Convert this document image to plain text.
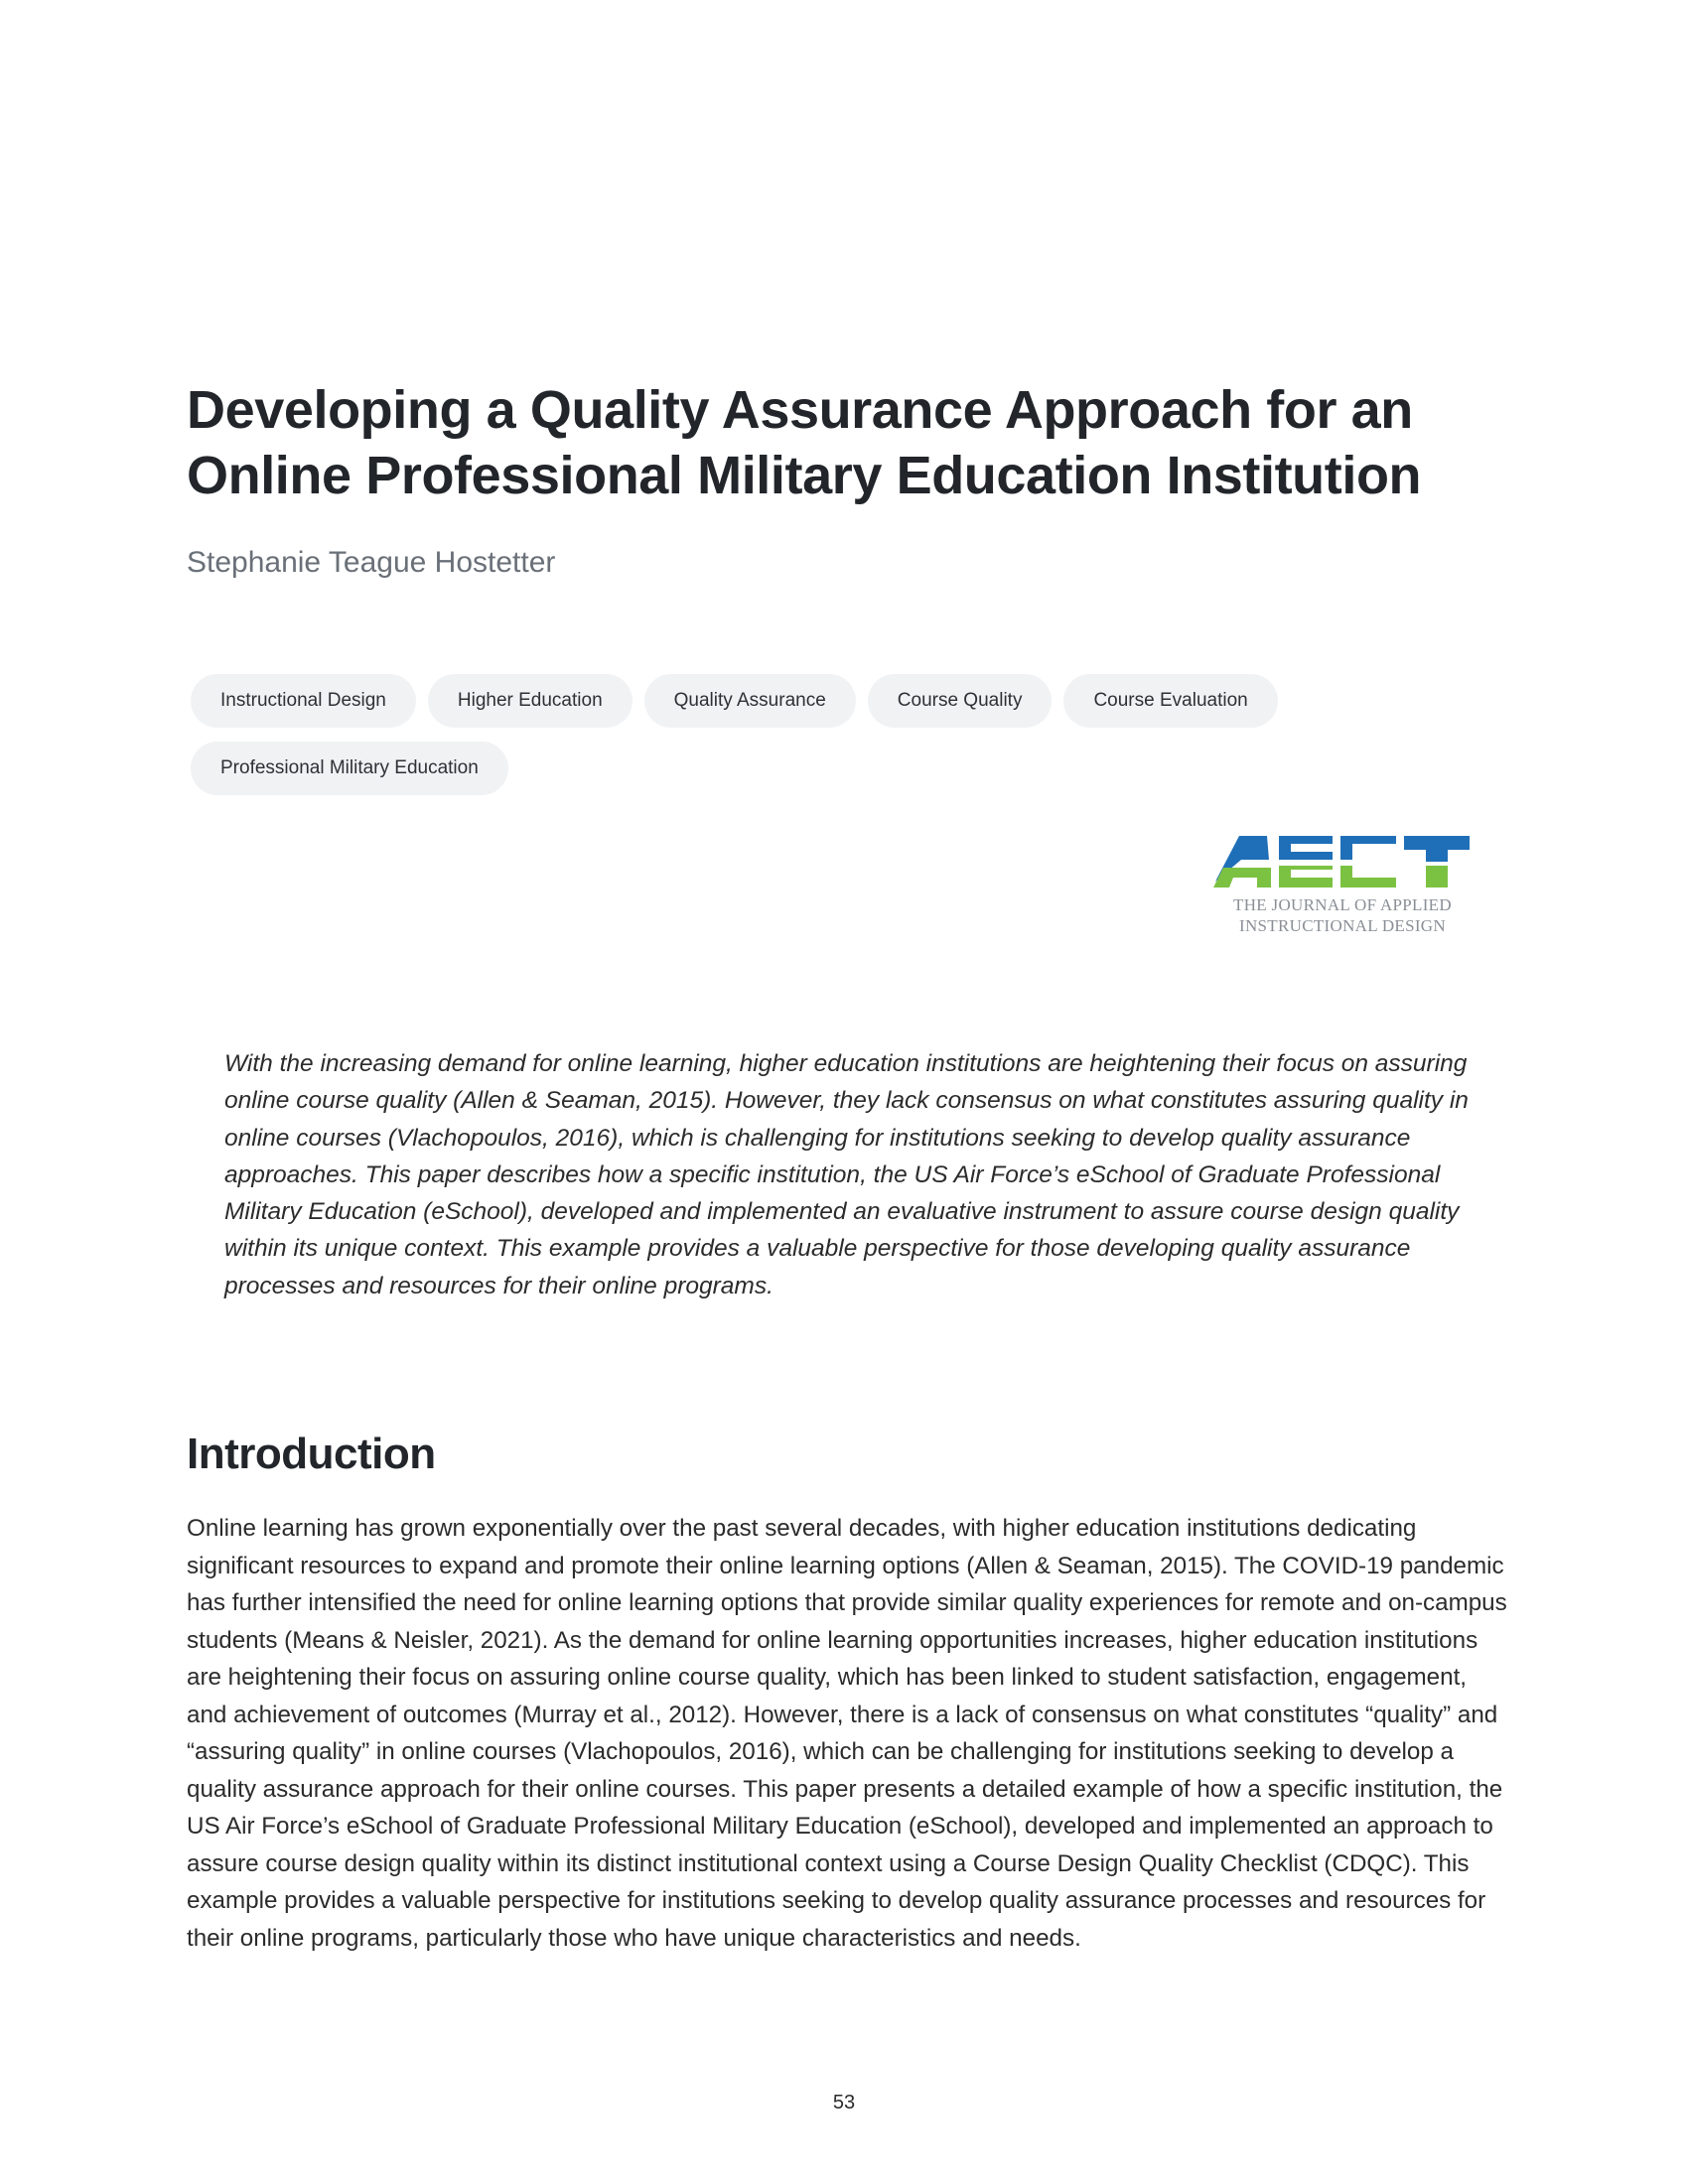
Developing a Quality Assurance Approach for an Online Professional Military Education Institution

Stephanie Teague Hostetter

Instructional Design	Higher Education	Quality Assurance	Course Quality	Course Evaluation
Professional Military Education
THE JOURNAL OF APPLIED
INSTRUCTIONAL DESIGN

With the increasing demand for online learning, higher education institutions are heightening their focus on assuring online course quality (Allen & Seaman, 2015). However, they lack consensus on what constitutes assuring quality in online courses (Vlachopoulos, 2016), which is challenging for institutions seeking to develop quality assurance approaches. This paper describes how a specific institution, the US Air Force’s eSchool of Graduate Professional Military Education (eSchool), developed and implemented an evaluative instrument to assure course design quality within its unique context. This example provides a valuable perspective for those developing quality assurance processes and resources for their online programs.

Introduction

Online learning has grown exponentially over the past several decades, with higher education institutions dedicating significant resources to expand and promote their online learning options (Allen & Seaman, 2015). The COVID-19 pandemic has further intensified the need for online learning options that provide similar quality experiences for remote and on-campus students (Means & Neisler, 2021). As the demand for online learning opportunities increases, higher education institutions are heightening their focus on assuring online course quality, which has been linked to student satisfaction, engagement, and achievement of outcomes (Murray et al., 2012). However, there is a lack of consensus on what constitutes “quality” and “assuring quality” in online courses (Vlachopoulos, 2016), which can be challenging for institutions seeking to develop a quality assurance approach for their online courses. This paper presents a detailed example of how a specific institution, the US Air Force’s eSchool of Graduate Professional Military Education (eSchool), developed and implemented an approach to assure course design quality within its distinct institutional context using a Course Design Quality Checklist (CDQC). This example provides a valuable perspective for institutions seeking to develop quality assurance processes and resources for their online programs, particularly those who have unique characteristics and needs.

53
